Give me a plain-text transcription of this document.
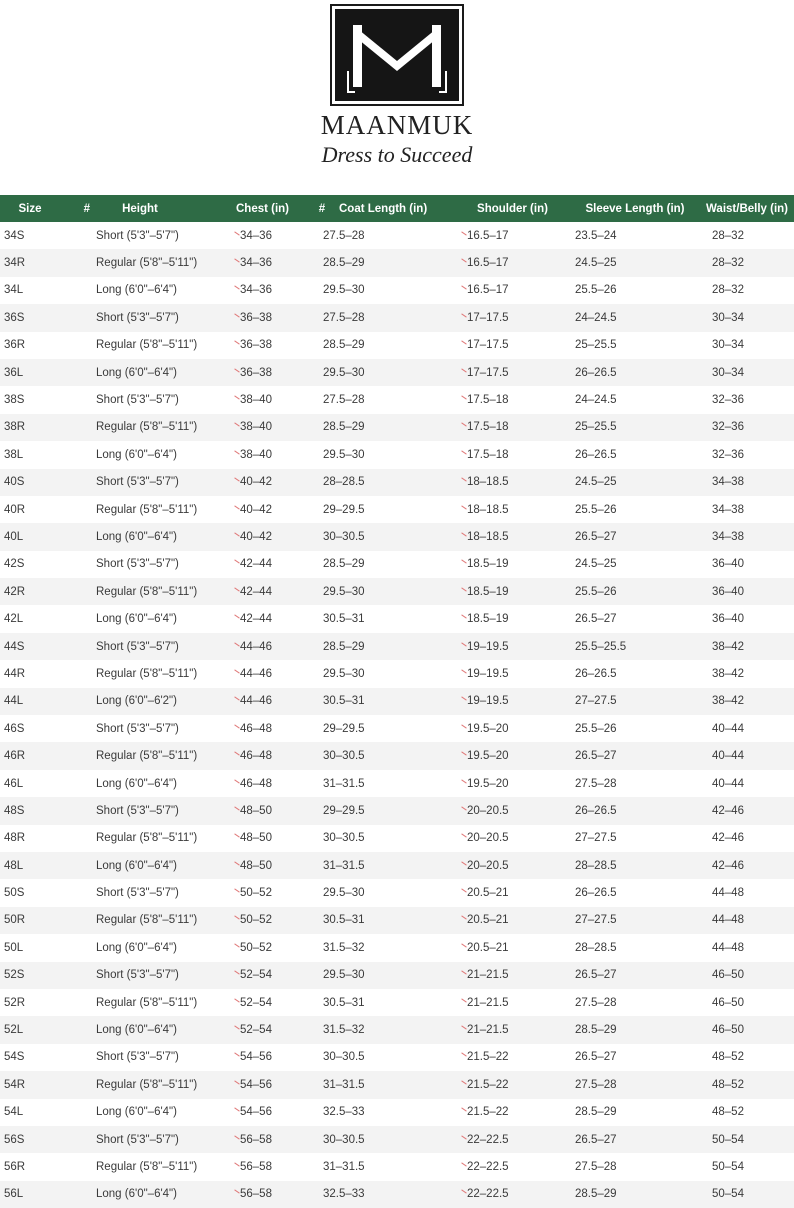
MAANMUK
Dress to Succeed
Size #	Height	Chest (in)	# Coat Length (in)	Shoulder (in)	Sleeve Length (in)	Waist/Belly (in)
34S	Short (5'3"–5'7")	34–36	27.5–28	16.5–17	23.5–24	28–32
34R	Regular (5'8"–5'11")	34–36	28.5–29	16.5–17	24.5–25	28–32
34L	Long (6'0"–6'4")	34–36	29.5–30	16.5–17	25.5–26	28–32
36S	Short (5'3"–5'7")	36–38	27.5–28	17–17.5	24–24.5	30–34
36R	Regular (5'8"–5'11")	36–38	28.5–29	17–17.5	25–25.5	30–34
36L	Long (6'0"–6'4")	36–38	29.5–30	17–17.5	26–26.5	30–34
38S	Short (5'3"–5'7")	38–40	27.5–28	17.5–18	24–24.5	32–36
38R	Regular (5'8"–5'11")	38–40	28.5–29	17.5–18	25–25.5	32–36
38L	Long (6'0"–6'4")	38–40	29.5–30	17.5–18	26–26.5	32–36
40S	Short (5'3"–5'7")	40–42	28–28.5	18–18.5	24.5–25	34–38
40R	Regular (5'8"–5'11")	40–42	29–29.5	18–18.5	25.5–26	34–38
40L	Long (6'0"–6'4")	40–42	30–30.5	18–18.5	26.5–27	34–38
42S	Short (5'3"–5'7")	42–44	28.5–29	18.5–19	24.5–25	36–40
42R	Regular (5'8"–5'11")	42–44	29.5–30	18.5–19	25.5–26	36–40
42L	Long (6'0"–6'4")	42–44	30.5–31	18.5–19	26.5–27	36–40
44S	Short (5'3"–5'7")	44–46	28.5–29	19–19.5	25.5–25.5	38–42
44R	Regular (5'8"–5'11")	44–46	29.5–30	19–19.5	26–26.5	38–42
44L	Long (6'0"–6'2")	44–46	30.5–31	19–19.5	27–27.5	38–42
46S	Short (5'3"–5'7")	46–48	29–29.5	19.5–20	25.5–26	40–44
46R	Regular (5'8"–5'11")	46–48	30–30.5	19.5–20	26.5–27	40–44
46L	Long (6'0"–6'4")	46–48	31–31.5	19.5–20	27.5–28	40–44
48S	Short (5'3"–5'7")	48–50	29–29.5	20–20.5	26–26.5	42–46
48R	Regular (5'8"–5'11")	48–50	30–30.5	20–20.5	27–27.5	42–46
48L	Long (6'0"–6'4")	48–50	31–31.5	20–20.5	28–28.5	42–46
50S	Short (5'3"–5'7")	50–52	29.5–30	20.5–21	26–26.5	44–48
50R	Regular (5'8"–5'11")	50–52	30.5–31	20.5–21	27–27.5	44–48
50L	Long (6'0"–6'4")	50–52	31.5–32	20.5–21	28–28.5	44–48
52S	Short (5'3"–5'7")	52–54	29.5–30	21–21.5	26.5–27	46–50
52R	Regular (5'8"–5'11")	52–54	30.5–31	21–21.5	27.5–28	46–50
52L	Long (6'0"–6'4")	52–54	31.5–32	21–21.5	28.5–29	46–50
54S	Short (5'3"–5'7")	54–56	30–30.5	21.5–22	26.5–27	48–52
54R	Regular (5'8"–5'11")	54–56	31–31.5	21.5–22	27.5–28	48–52
54L	Long (6'0"–6'4")	54–56	32.5–33	21.5–22	28.5–29	48–52
56S	Short (5'3"–5'7")	56–58	30–30.5	22–22.5	26.5–27	50–54
56R	Regular (5'8"–5'11")	56–58	31–31.5	22–22.5	27.5–28	50–54
56L	Long (6'0"–6'4")	56–58	32.5–33	22–22.5	28.5–29	50–54
